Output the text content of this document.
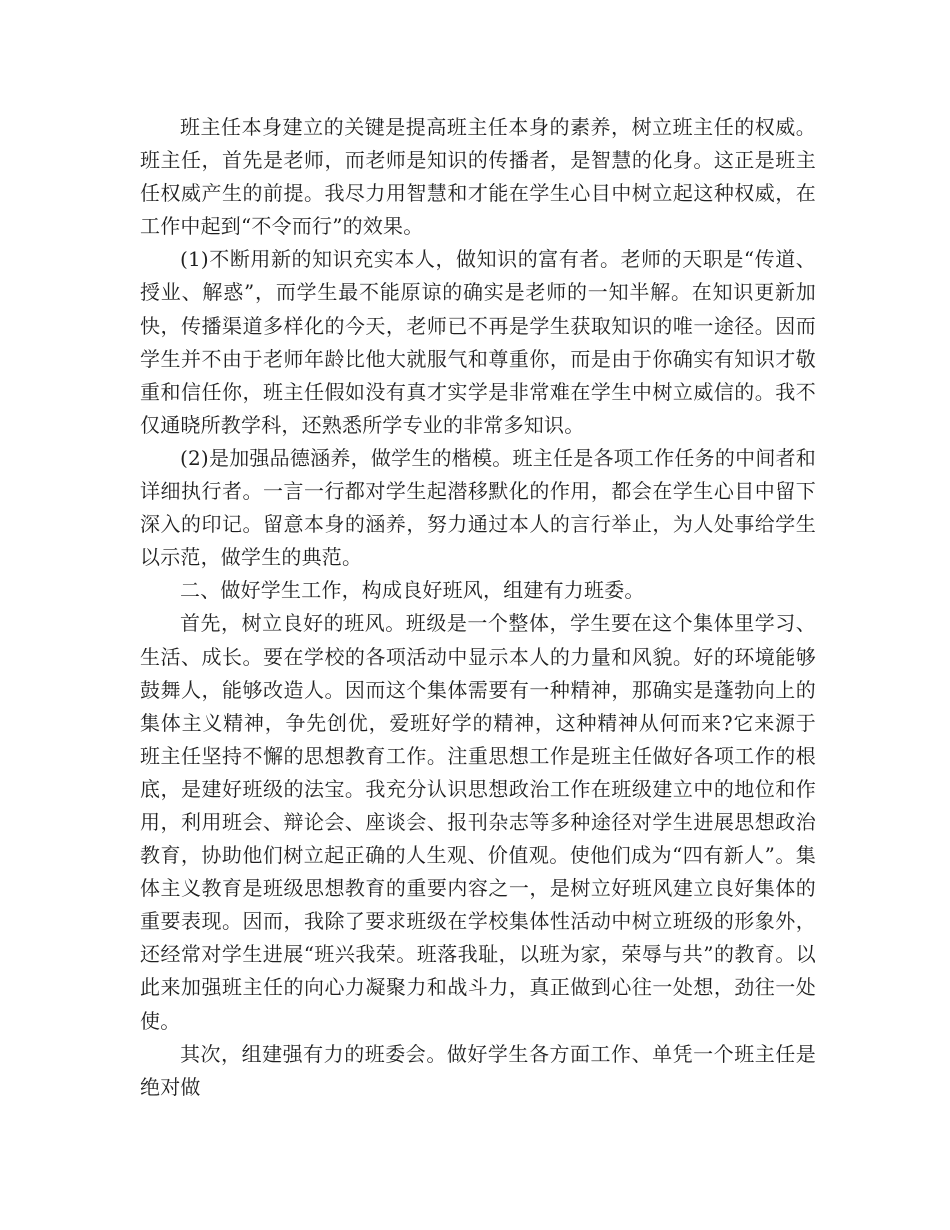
班主任本身建立的关键是提高班主任本身的素养，树立班主任的权威。班主任，首先是老师，而老师是知识的传播者，是智慧的化身。这正是班主任权威产生的前提。我尽力用智慧和才能在学生心目中树立起这种权威，在工作中起到“不令而行”的效果。

(1)不断用新的知识充实本人，做知识的富有者。老师的天职是“传道、授业、解惑”，而学生最不能原谅的确实是老师的一知半解。在知识更新加快，传播渠道多样化的今天，老师已不再是学生获取知识的唯一途径。因而学生并不由于老师年龄比他大就服气和尊重你，而是由于你确实有知识才敬重和信任你，班主任假如没有真才实学是非常难在学生中树立威信的。我不仅通晓所教学科，还熟悉所学专业的非常多知识。

(2)是加强品德涵养，做学生的楷模。班主任是各项工作任务的中间者和详细执行者。一言一行都对学生起潜移默化的作用，都会在学生心目中留下深入的印记。留意本身的涵养，努力通过本人的言行举止，为人处事给学生以示范，做学生的典范。

二、做好学生工作，构成良好班风，组建有力班委。

首先，树立良好的班风。班级是一个整体，学生要在这个集体里学习、生活、成长。要在学校的各项活动中显示本人的力量和风貌。好的环境能够鼓舞人，能够改造人。因而这个集体需要有一种精神，那确实是蓬勃向上的集体主义精神，争先创优，爱班好学的精神，这种精神从何而来?它来源于班主任坚持不懈的思想教育工作。注重思想工作是班主任做好各项工作的根底，是建好班级的法宝。我充分认识思想政治工作在班级建立中的地位和作用，利用班会、辩论会、座谈会、报刊杂志等多种途径对学生进展思想政治教育，协助他们树立起正确的人生观、价值观。使他们成为“四有新人”。集体主义教育是班级思想教育的重要内容之一，是树立好班风建立良好集体的重要表现。因而，我除了要求班级在学校集体性活动中树立班级的形象外，还经常对学生进展“班兴我荣。班落我耻，以班为家，荣辱与共”的教育。以此来加强班主任的向心力凝聚力和战斗力，真正做到心往一处想，劲往一处使。

其次，组建强有力的班委会。做好学生各方面工作、单凭一个班主任是绝对做
